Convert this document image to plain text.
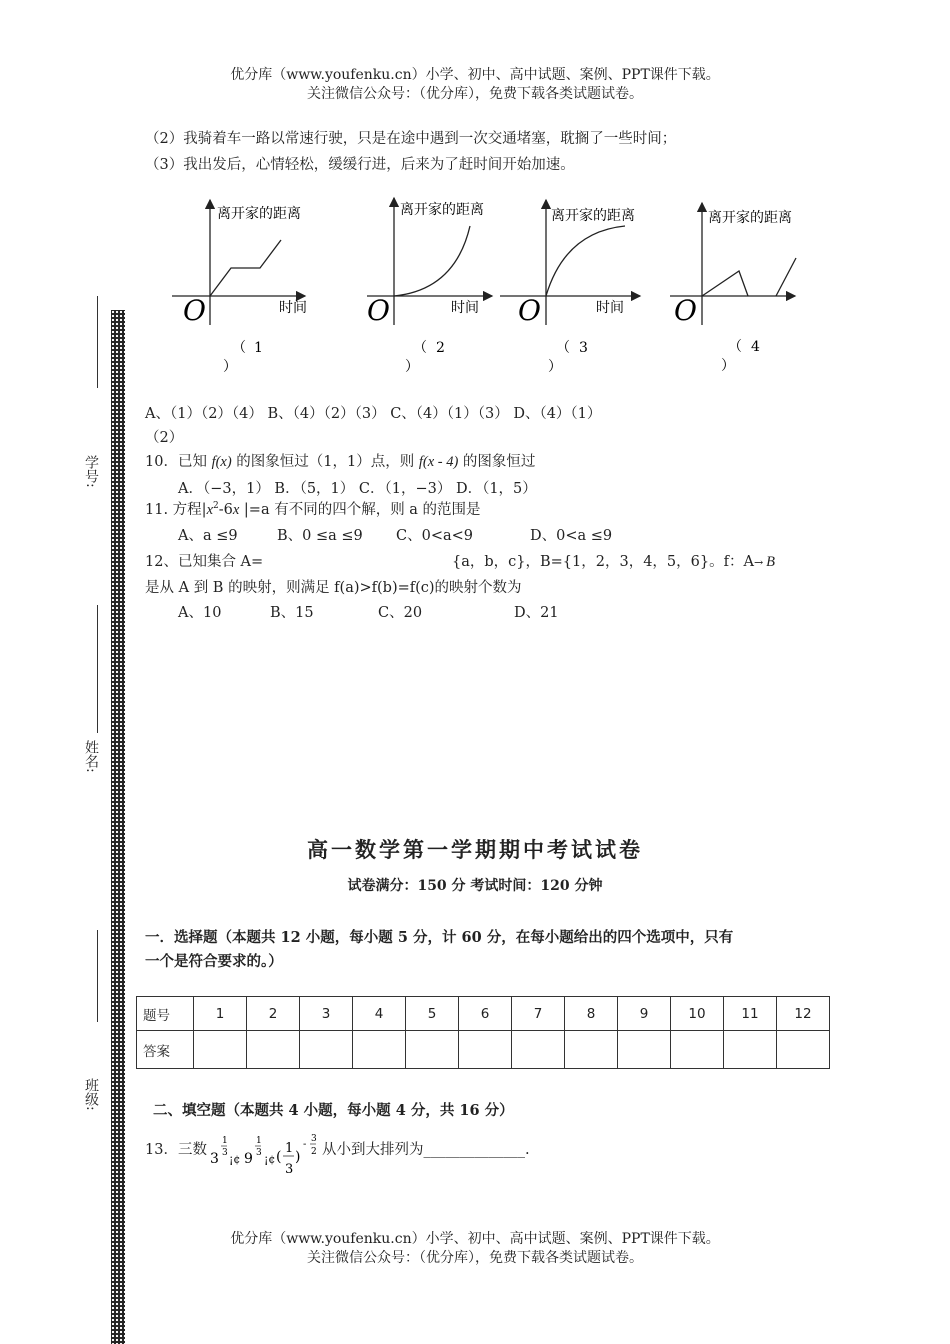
优分库（www.youfenku.cn）小学、初中、高中试题、案例、PPT课件下载。
关注微信公众号：（优分库），免费下载各类试题试卷。
学号:
姓名:
班级:
（2）我骑着车一路以常速行驶，只是在途中遇到一次交通堵塞，耽搁了一些时间；
（3）我出发后，心情轻松，缓缓行进，后来为了赶时间开始加速。
离开家的距离
时间
O
离开家的距离
时间
O
离开家的距离
时间
O
离开家的距离
O
（ 1
）
（ 2
）
（ 3
）
（ 4
）
A、（1）（2）（4） B、（4）（2）（3） C、（4）（1）（3） D、（4）（1）
（2）
10．已知 f(x) 的图象恒过（1，1）点，则 f(x - 4) 的图象恒过
A．（−3，1） B．（5，1） C．（1，−3） D．（1，5）
11. 方程$|x^2-6x$ |=a 有不同的四个解，则 a 的范围是
A、a ≤9	B、0 ≤a ≤9 C、0<a<9	D、0<a ≤9
12、已知集合 A=	{a，b，c}，B={1，2，3，4，5，6}。f：A→ B
是从 A 到 B 的映射，则满足 f(a)>f(b)=f(c)的映射个数为
A、10	B、15	C、20	D、21
高一数学第一学期期中考试试卷
试卷满分：150 分 考试时间：120 分钟
一．选择题（本题共 12 小题，每小题 5 分，计 60 分，在每小题给出的四个选项中，只有
一个是符合要求的。）
题号	1	2	3	4	5	6	7	8	9	10	11	12
答案												
二、填空题（本题共 4 小题，每小题 4 分，共 16 分）
13．三数
3
1
3 ¡¢ 9
1
3 ¡¢ (
1
3
)
- 3
2 从小到大排列为______________.
优分库（www.youfenku.cn）小学、初中、高中试题、案例、PPT课件下载。
关注微信公众号：（优分库），免费下载各类试题试卷。
